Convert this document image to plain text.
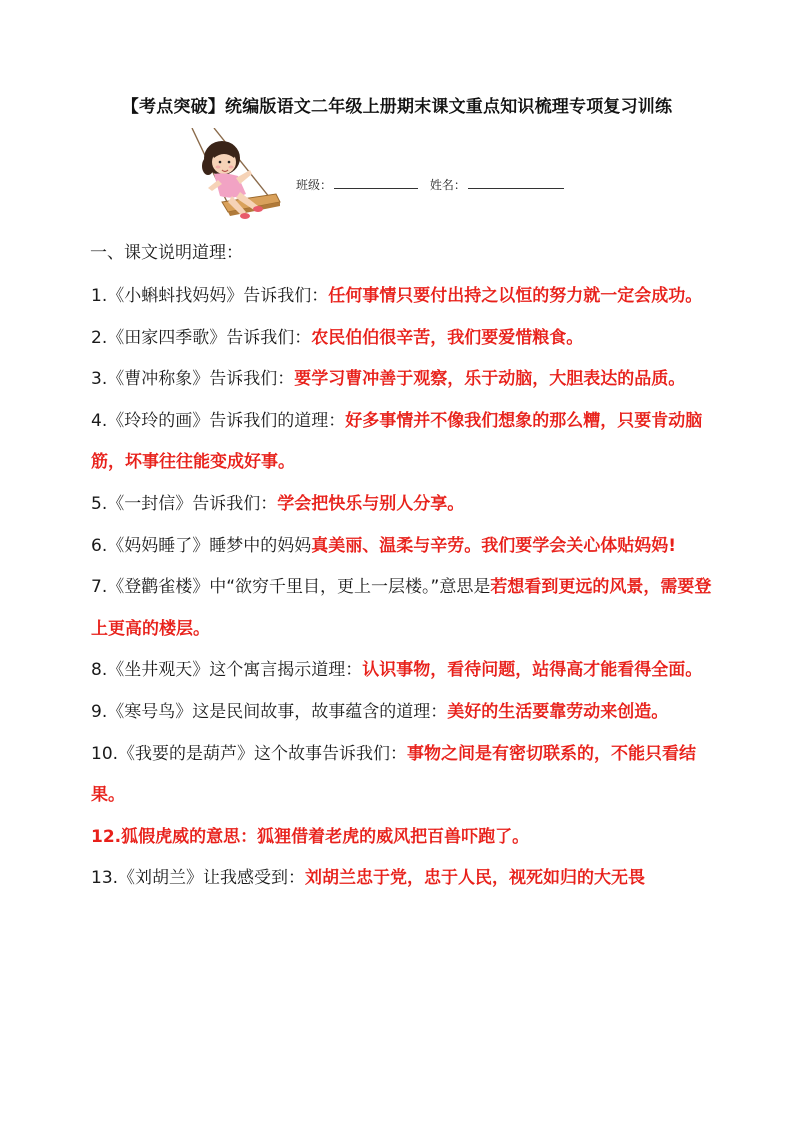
【考点突破】统编版语文二年级上册期末课文重点知识梳理专项复习训练
班级：	姓名：
一、课文说明道理：

1.《小蝌蚪找妈妈》告诉我们：任何事情只要付出持之以恒的努力就一定会成功。

2.《田家四季歌》告诉我们：农民伯伯很辛苦，我们要爱惜粮食。

3.《曹冲称象》告诉我们：要学习曹冲善于观察，乐于动脑，大胆表达的品质。

4.《玲玲的画》告诉我们的道理：好多事情并不像我们想象的那么糟，只要肯动脑筋，坏事往往能变成好事。

5.《一封信》告诉我们：学会把快乐与别人分享。

6.《妈妈睡了》睡梦中的妈妈真美丽、温柔与辛劳。我们要学会关心体贴妈妈!

7.《登鹳雀楼》中“欲穷千里目，更上一层楼。”意思是若想看到更远的风景，需要登上更高的楼层。

8.《坐井观天》这个寓言揭示道理：认识事物，看待问题，站得高才能看得全面。

9.《寒号鸟》这是民间故事，故事蕴含的道理：美好的生活要靠劳动来创造。

10.《我要的是葫芦》这个故事告诉我们：事物之间是有密切联系的，不能只看结果。

12.狐假虎威的意思：狐狸借着老虎的威风把百兽吓跑了。

13.《刘胡兰》让我感受到：刘胡兰忠于党，忠于人民，视死如归的大无畏
